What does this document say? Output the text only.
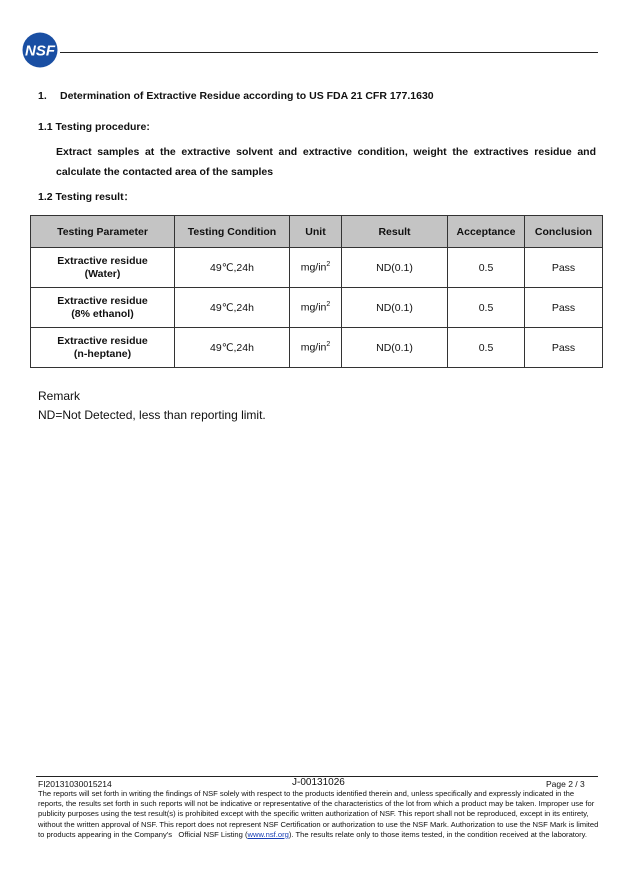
NSF
1. Determination of Extractive Residue according to US FDA 21 CFR 177.1630
1.1 Testing procedure:
Extract samples at the extractive solvent and extractive condition, weight the extractives residue and
calculate the contacted area of the samples
1.2 Testing result：
Testing Parameter	Testing Condition	Unit	Result	Acceptance	Conclusion
Extractive residue
(Water)	49℃,24h	$mg/in^2$	ND(0.1)	0.5	Pass
Extractive residue
(8% ethanol)	49℃,24h	$mg/in^2$	ND(0.1)	0.5	Pass
Extractive residue
(n-heptane)	49℃,24h	$mg/in^2$	ND(0.1)	0.5	Pass
Remark
ND=Not Detected, less than reporting limit.
FI20131030015214	J-00131026	Page 2 / 3
The reports will set forth in writing the findings of NSF solely with respect to the products identified therein and, unless specifically and expressly indicated in the reports, the results set forth in such reports will not be indicative or representative of the characteristics of the lot from which a product may be taken. Improper use for publicity purposes using the test result(s) is prohibited except with the specific written authorization of NSF. This report shall not be reproduced, except in its entirety, without the written approval of NSF. This report does not represent NSF Certification or authorization to use the NSF Mark. Authorization to use the NSF Mark is limited to products appearing in the Company’s   Official NSF Listing (www.nsf.org). The results relate only to those items tested, in the condition received at the laboratory.
